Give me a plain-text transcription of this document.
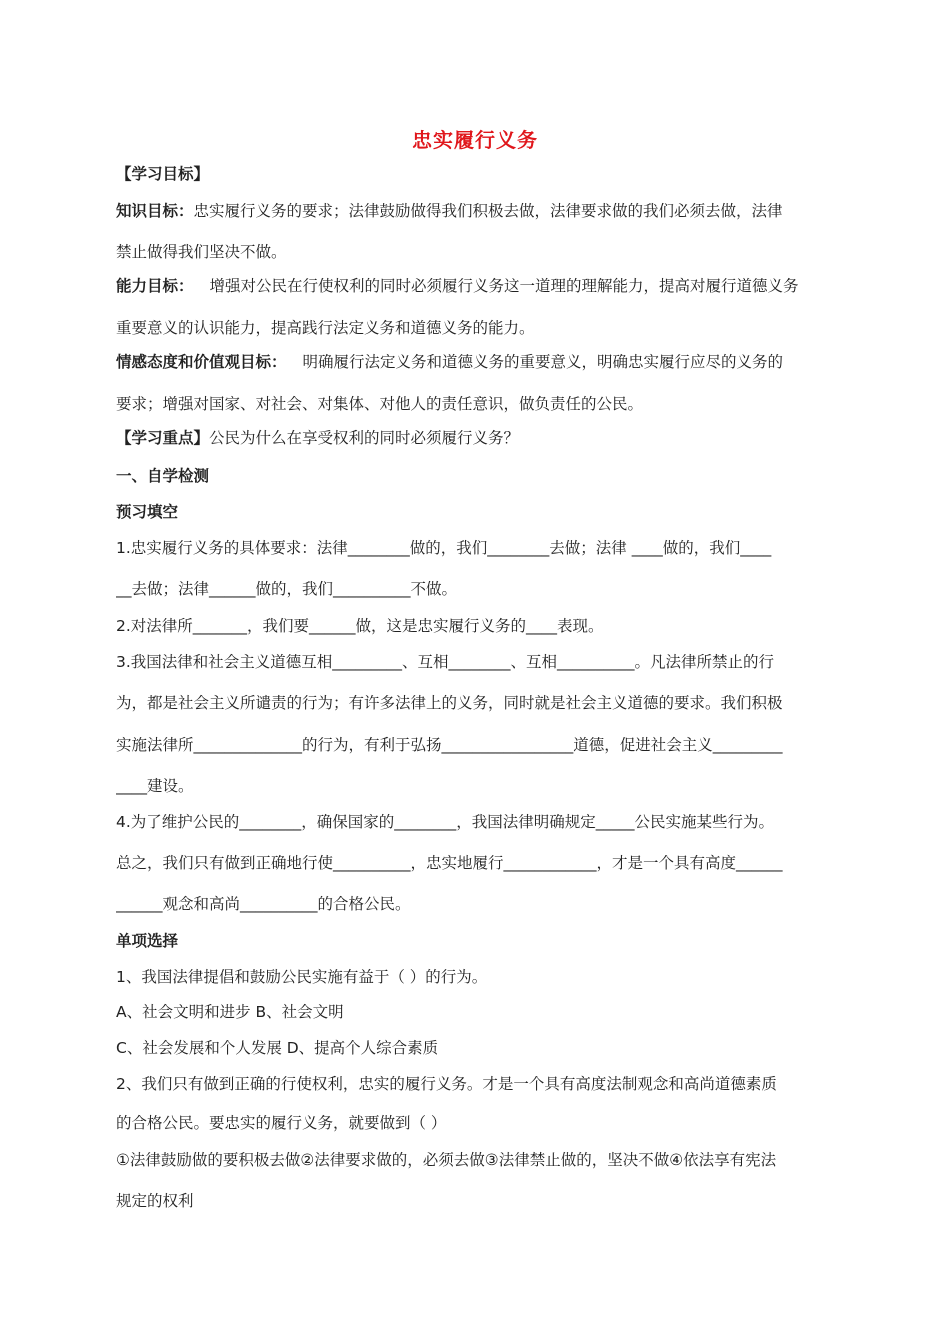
忠实履行义务
【学习目标】
知识目标：忠实履行义务的要求；法律鼓励做得我们积极去做，法律要求做的我们必须去做，法律
禁止做得我们坚决不做。
能力目标： 增强对公民在行使权利的同时必须履行义务这一道理的理解能力，提高对履行道德义务
重要意义的认识能力，提高践行法定义务和道德义务的能力。
情感态度和价值观目标： 明确履行法定义务和道德义务的重要意义，明确忠实履行应尽的义务的
要求；增强对国家、对社会、对集体、对他人的责任意识，做负责任的公民。
【学习重点】公民为什么在享受权利的同时必须履行义务？
一、自学检测
预习填空
1.忠实履行义务的具体要求：法律________做的，我们________去做；法律 ____做的，我们____
__去做；法律______做的，我们__________不做。
2.对法律所_______，我们要______做，这是忠实履行义务的____表现。
3.我国法律和社会主义道德互相_________、互相________、互相__________。凡法律所禁止的行
为，都是社会主义所谴责的行为；有许多法律上的义务，同时就是社会主义道德的要求。我们积极
实施法律所______________的行为，有利于弘扬_________________道德，促进社会主义_________
____建设。
4.为了维护公民的________，确保国家的________，我国法律明确规定_____公民实施某些行为。
总之，我们只有做到正确地行使__________，忠实地履行____________，才是一个具有高度______
______观念和高尚__________的合格公民。
单项选择
1、我国法律提倡和鼓励公民实施有益于（ ）的行为。
A、社会文明和进步 B、社会文明
C、社会发展和个人发展 D、提高个人综合素质
2、我们只有做到正确的行使权利，忠实的履行义务。才是一个具有高度法制观念和高尚道德素质
的合格公民。要忠实的履行义务，就要做到（ ）
①法律鼓励做的要积极去做②法律要求做的，必须去做③法律禁止做的，坚决不做④依法享有宪法
规定的权利
